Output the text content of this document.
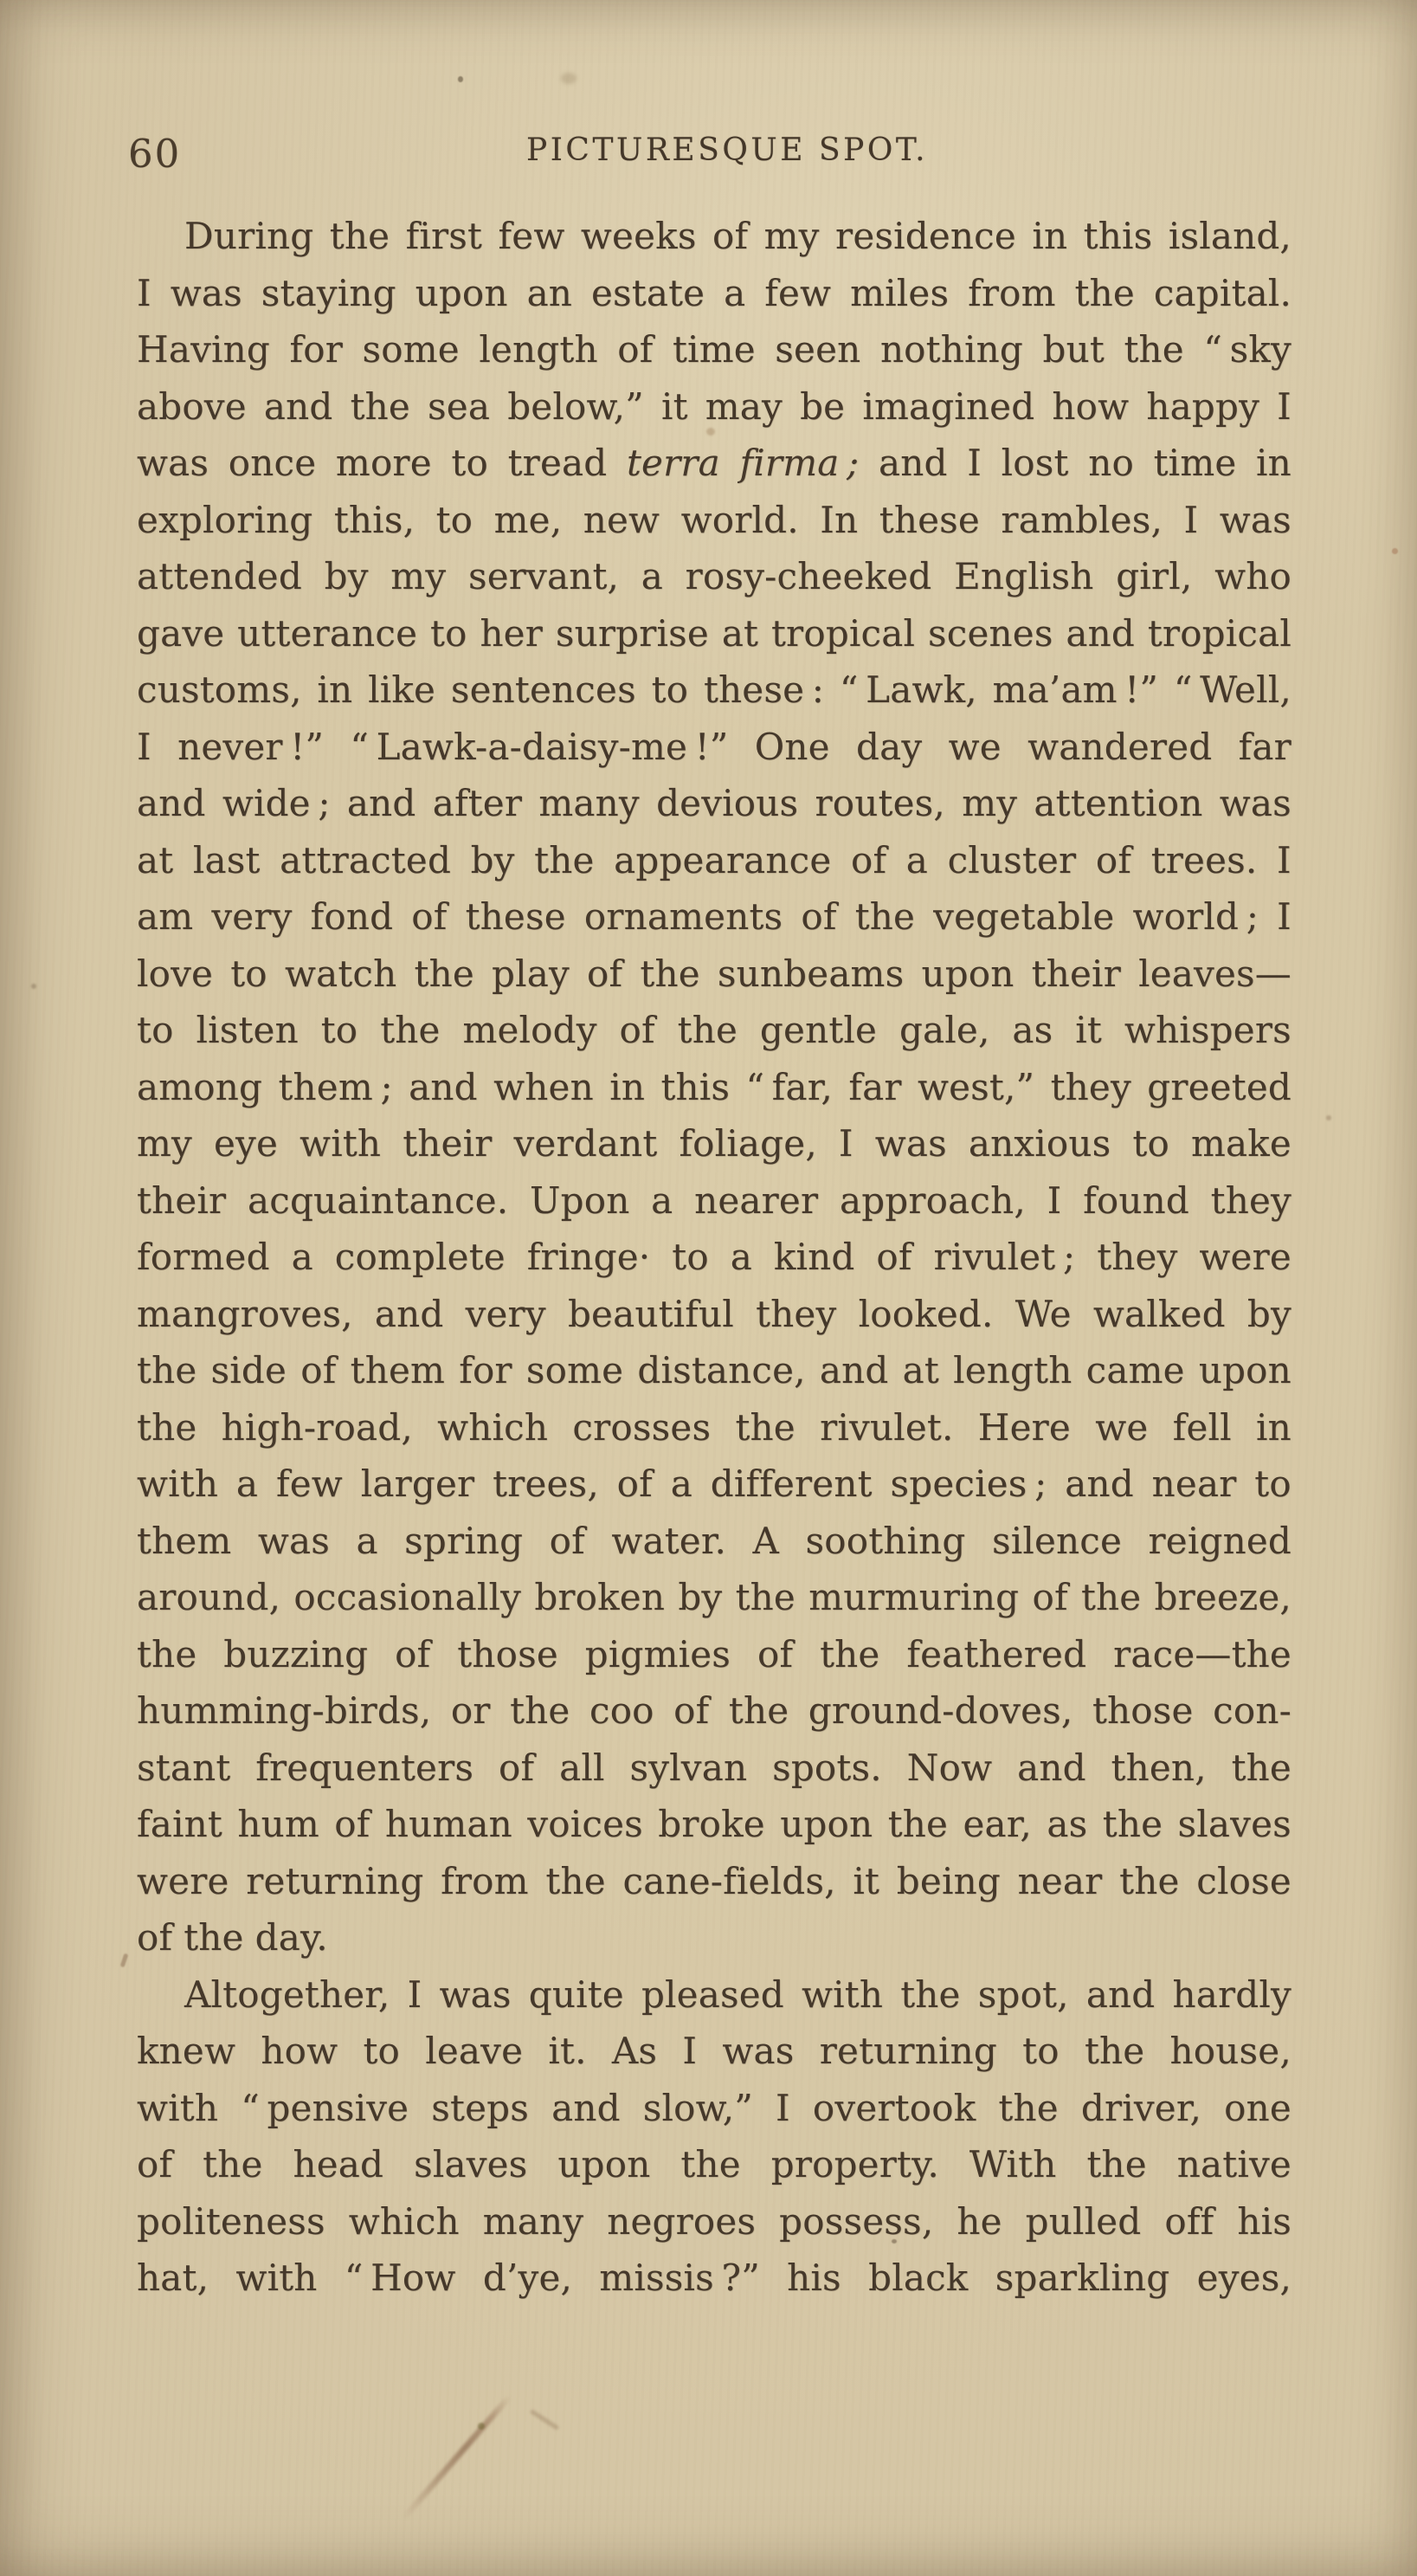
60	PICTURESQUE SPOT.
During the first few weeks of my residence in this island,
I was staying upon an estate a few miles from the capital.
Having for some length of time seen nothing but the “ sky
above and the sea below,” it may be imagined how happy I
was once more to tread terra firma ; and I lost no time in
exploring this, to me, new world. In these rambles, I was
attended by my servant, a rosy-cheeked English girl, who
gave utterance to her surprise at tropical scenes and tropical
customs, in like sentences to these : “ Lawk, ma’am !” “ Well,
I never !” “ Lawk-a-daisy-me !” One day we wandered far
and wide ; and after many devious routes, my attention was
at last attracted by the appearance of a cluster of trees. I
am very fond of these ornaments of the vegetable world ; I
love to watch the play of the sunbeams upon their leaves—
to listen to the melody of the gentle gale, as it whispers
among them ; and when in this “ far, far west,” they greeted
my eye with their verdant foliage, I was anxious to make
their acquaintance. Upon a nearer approach, I found they
formed a complete fringe· to a kind of rivulet ; they were
mangroves, and very beautiful they looked. We walked by
the side of them for some distance, and at length came upon
the high-road, which crosses the rivulet. Here we fell in
with a few larger trees, of a different species ; and near to
them was a spring of water. A soothing silence reigned
around, occasionally broken by the murmuring of the breeze,
the buzzing of those pigmies of the feathered race—the
humming-birds, or the coo of the ground-doves, those con-
stant frequenters of all sylvan spots. Now and then, the
faint hum of human voices broke upon the ear, as the slaves
were returning from the cane-fields, it being near the close
of the day.
Altogether, I was quite pleased with the spot, and hardly
knew how to leave it. As I was returning to the house,
with “ pensive steps and slow,” I overtook the driver, one
of the head slaves upon the property. With the native
politeness which many negroes possess, he pulled off his
hat, with “ How d’ye, missis ?” his black sparkling eyes,
